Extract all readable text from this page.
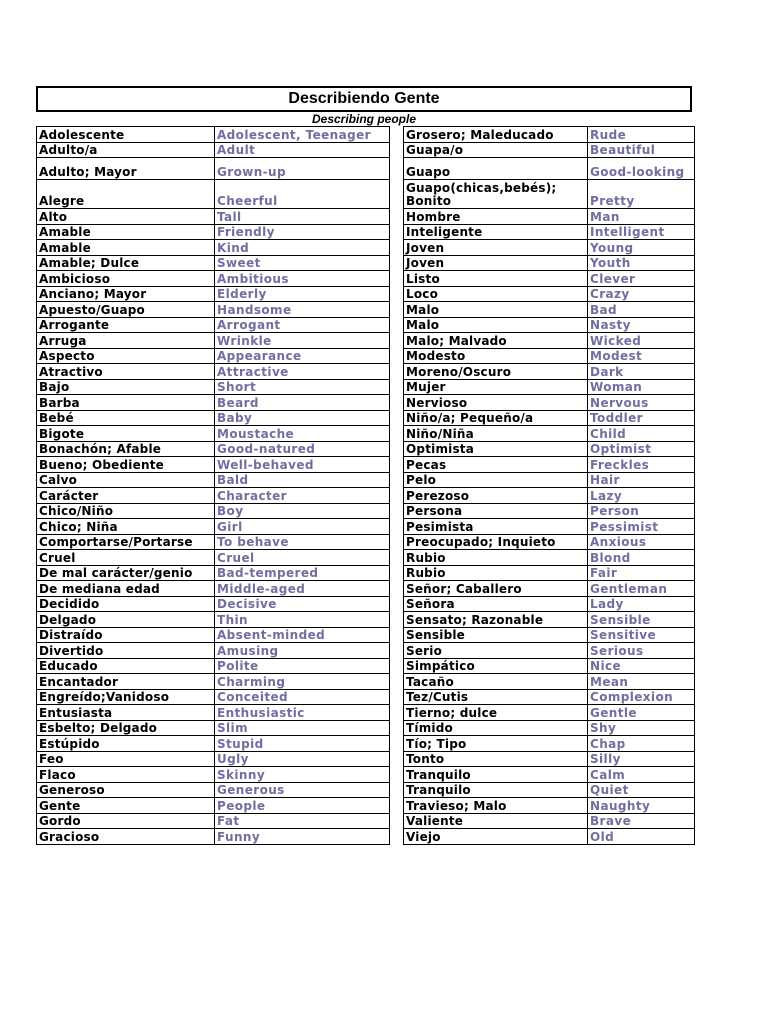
Describiendo Gente
Describing people
Adolescente	Adolescent, Teenager
Adulto/a	Adult
Adulto; Mayor	Grown-up
Alegre	Cheerful
Alto	Tall
Amable	Friendly
Amable	Kind
Amable; Dulce	Sweet
Ambicioso	Ambitious
Anciano; Mayor	Elderly
Apuesto/Guapo	Handsome
Arrogante	Arrogant
Arruga	Wrinkle
Aspecto	Appearance
Atractivo	Attractive
Bajo	Short
Barba	Beard
Bebé	Baby
Bigote	Moustache
Bonachón; Afable	Good-natured
Bueno; Obediente	Well-behaved
Calvo	Bald
Carácter	Character
Chico/Niño	Boy
Chico; Niña	Girl
Comportarse/Portarse	To behave
Cruel	Cruel
De mal carácter/genio	Bad-tempered
De mediana edad	Middle-aged
Decidido	Decisive
Delgado	Thin
Distraído	Absent-minded
Divertido	Amusing
Educado	Polite
Encantador	Charming
Engreído;Vanidoso	Conceited
Entusiasta	Enthusiastic
Esbelto; Delgado	Slim
Estúpido	Stupid
Feo	Ugly
Flaco	Skinny
Generoso	Generous
Gente	People
Gordo	Fat
Gracioso	Funny
Grosero; Maleducado	Rude
Guapa/o	Beautiful
Guapo	Good-looking
Guapo(chicas,bebés); Bonito	Pretty
Hombre	Man
Inteligente	Intelligent
Joven	Young
Joven	Youth
Listo	Clever
Loco	Crazy
Malo	Bad
Malo	Nasty
Malo; Malvado	Wicked
Modesto	Modest
Moreno/Oscuro	Dark
Mujer	Woman
Nervioso	Nervous
Niño/a; Pequeño/a	Toddler
Niño/Niña	Child
Optimista	Optimist
Pecas	Freckles
Pelo	Hair
Perezoso	Lazy
Persona	Person
Pesimista	Pessimist
Preocupado; Inquieto	Anxious
Rubio	Blond
Rubio	Fair
Señor; Caballero	Gentleman
Señora	Lady
Sensato; Razonable	Sensible
Sensible	Sensitive
Serio	Serious
Simpático	Nice
Tacaño	Mean
Tez/Cutis	Complexion
Tierno; dulce	Gentle
Tímido	Shy
Tío; Tipo	Chap
Tonto	Silly
Tranquilo	Calm
Tranquilo	Quiet
Travieso; Malo	Naughty
Valiente	Brave
Viejo	Old
